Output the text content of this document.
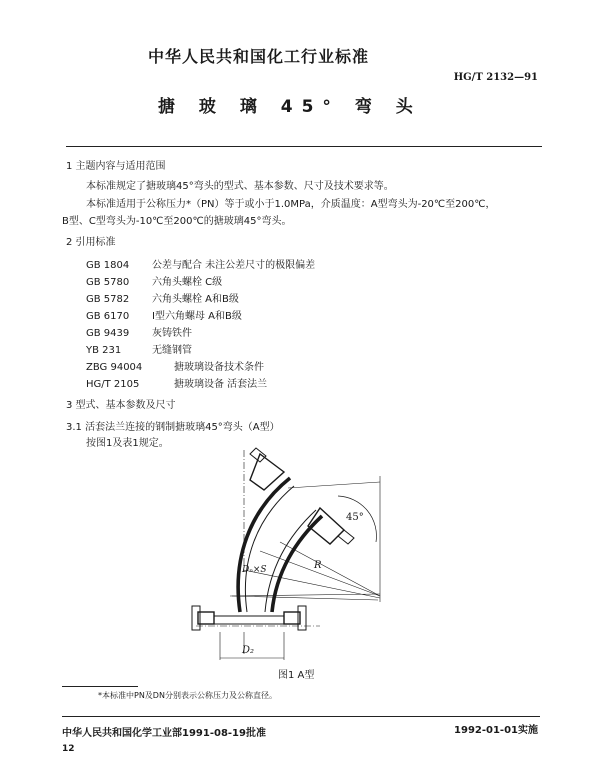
中华人民共和国化工行业标准
HG/T 2132—91
搪 玻 璃 45° 弯 头
1 主题内容与适用范围
本标准规定了搪玻璃45°弯头的型式、基本参数、尺寸及技术要求等。
本标准适用于公称压力*（PN）等于或小于1.0MPa，介质温度：A型弯头为-20℃至200℃，
B型、C型弯头为-10℃至200℃的搪玻璃45°弯头。
2 引用标准
GB 1804 公差与配合 未注公差尺寸的极限偏差
GB 5780 六角头螺栓 C级
GB 5782 六角头螺栓 A和B级
GB 6170 I型六角螺母 A和B级
GB 9439 灰铸铁件
YB 231	无缝钢管
ZBG 94004	搪玻璃设备技术条件
HG/T 2105	搪玻璃设备 活套法兰
3 型式、基本参数及尺寸
3.1 活套法兰连接的钢制搪玻璃45°弯头（A型）
按图1及表1规定。
45°
Dₙ×S	R
D₂
图1 A型
*本标准中PN及DN分别表示公称压力及公称直径。
中华人民共和国化学工业部1991-08-19批准	1992-01-01实施
12
